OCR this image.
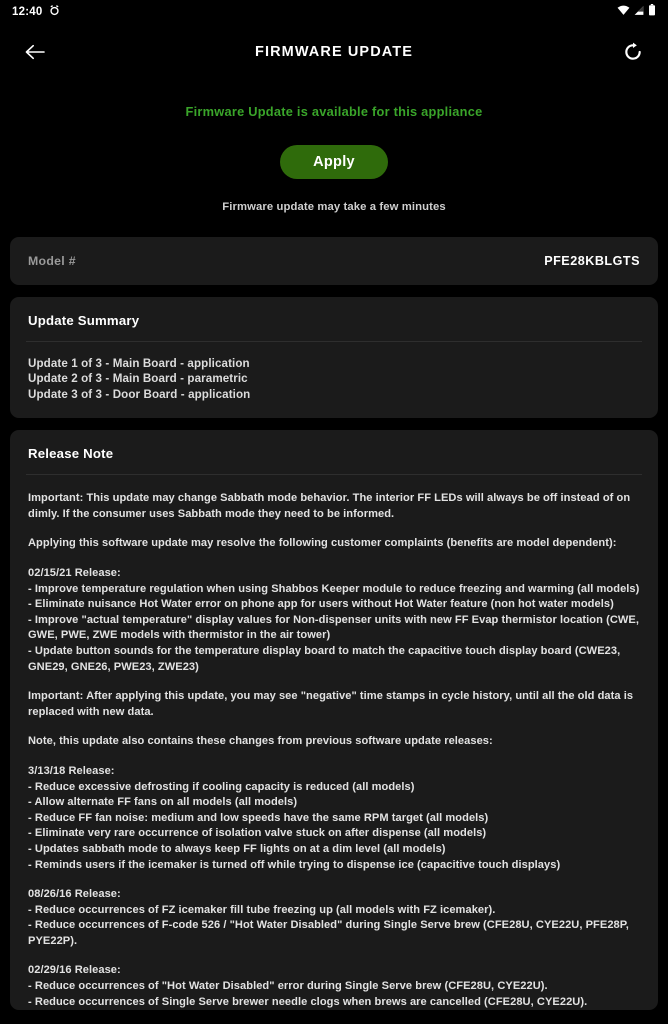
12:40
FIRMWARE UPDATE
Firmware Update is available for this appliance
Apply
Firmware update may take a few minutes
Model #	PFE28KBLGTS
Update Summary
Update 1 of 3 - Main Board - application
Update 2 of 3 - Main Board - parametric
Update 3 of 3 - Door Board - application
Release Note
Important: This update may change Sabbath mode behavior. The interior FF LEDs will always be off instead of on dimly. If the consumer uses Sabbath mode they need to be informed.
Applying this software update may resolve the following customer complaints (benefits are model dependent):
02/15/21 Release:
- Improve temperature regulation when using Shabbos Keeper module to reduce freezing and warming (all models)
- Eliminate nuisance Hot Water error on phone app for users without Hot Water feature (non hot water models)
- Improve "actual temperature" display values for Non-dispenser units with new FF Evap thermistor location (CWE, GWE, PWE, ZWE models with thermistor in the air tower)
- Update button sounds for the temperature display board to match the capacitive touch display board (CWE23, GNE29, GNE26, PWE23, ZWE23)
Important: After applying this update, you may see "negative" time stamps in cycle history, until all the old data is replaced with new data.
Note, this update also contains these changes from previous software update releases:
3/13/18 Release:
- Reduce excessive defrosting if cooling capacity is reduced (all models)
- Allow alternate FF fans on all models (all models)
- Reduce FF fan noise: medium and low speeds have the same RPM target (all models)
- Eliminate very rare occurrence of isolation valve stuck on after dispense (all models)
- Updates sabbath mode to always keep FF lights on at a dim level (all models)
- Reminds users if the icemaker is turned off while trying to dispense ice (capacitive touch displays)
08/26/16 Release:
- Reduce occurrences of FZ icemaker fill tube freezing up (all models with FZ icemaker).
- Reduce occurrences of F-code 526 / "Hot Water Disabled" during Single Serve brew (CFE28U, CYE22U, PFE28P, PYE22P).
02/29/16 Release:
- Reduce occurrences of "Hot Water Disabled" error during Single Serve brew (CFE28U, CYE22U).
- Reduce occurrences of Single Serve brewer needle clogs when brews are cancelled (CFE28U, CYE22U).
